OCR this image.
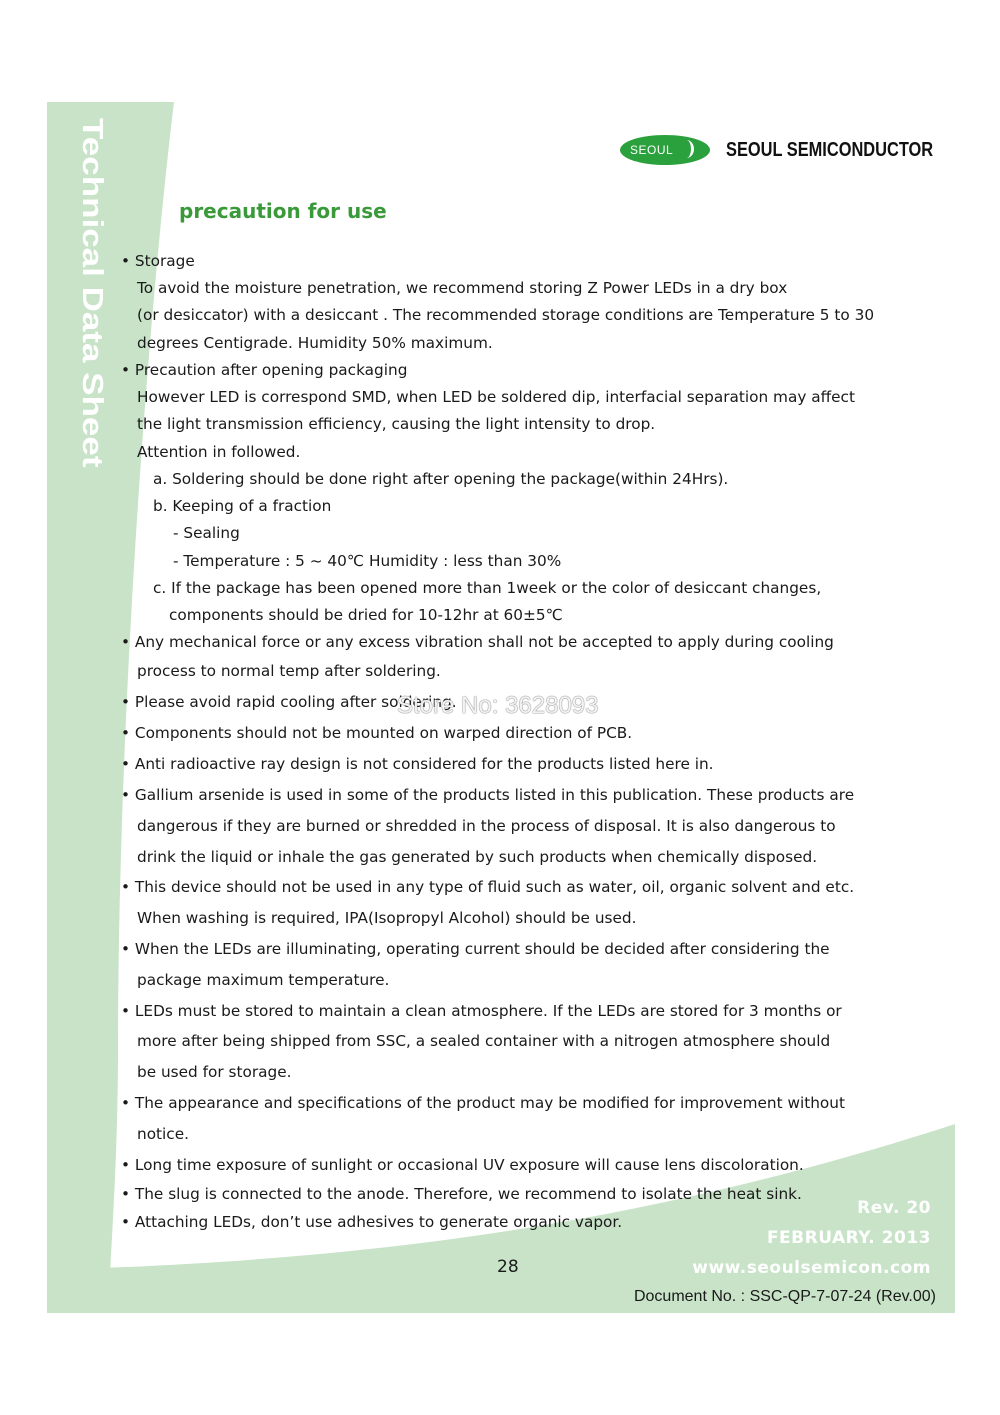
Technical Data Sheet	SEOUL	SEOUL SEMICONDUCTOR
precaution for use

• Storage

To avoid the moisture penetration, we recommend storing Z Power LEDs in a dry box

(or desiccator) with a desiccant . The recommended storage conditions are Temperature 5 to 30

degrees Centigrade. Humidity 50% maximum.

• Precaution after opening packaging

However LED is correspond SMD, when LED be soldered dip, interfacial separation may affect

the light transmission efficiency, causing the light intensity to drop.

Attention in followed.

a. Soldering should be done right after opening the package(within 24Hrs).

b. Keeping of a fraction

- Sealing

- Temperature : 5 ~ 40℃ Humidity : less than 30%

c. If the package has been opened more than 1week or the color of desiccant changes,

components should be dried for 10-12hr at 60±5℃

• Any mechanical force or any excess vibration shall not be accepted to apply during cooling

process to normal temp after soldering.

• Please avoid rapid cooling after soldering.

• Components should not be mounted on warped direction of PCB.

• Anti radioactive ray design is not considered for the products listed here in.

• Gallium arsenide is used in some of the products listed in this publication. These products are

dangerous if they are burned or shredded in the process of disposal. It is also dangerous to

drink the liquid or inhale the gas generated by such products when chemically disposed.

• This device should not be used in any type of fluid such as water, oil, organic solvent and etc.

When washing is required, IPA(Isopropyl Alcohol) should be used.

• When the LEDs are illuminating, operating current should be decided after considering the

package maximum temperature.

• LEDs must be stored to maintain a clean atmosphere. If the LEDs are stored for 3 months or

more after being shipped from SSC, a sealed container with a nitrogen atmosphere should

be used for storage.

• The appearance and specifications of the product may be modified for improvement without

notice.

• Long time exposure of sunlight or occasional UV exposure will cause lens discoloration.

• The slug is connected to the anode. Therefore, we recommend to isolate the heat sink.

• Attaching LEDs, don’t use adhesives to generate organic vapor.

Store No: 3628093
Rev. 20
FEBRUARY. 2013
www.seoulsemicon.com
28
Document No. : SSC-QP-7-07-24 (Rev.00)
